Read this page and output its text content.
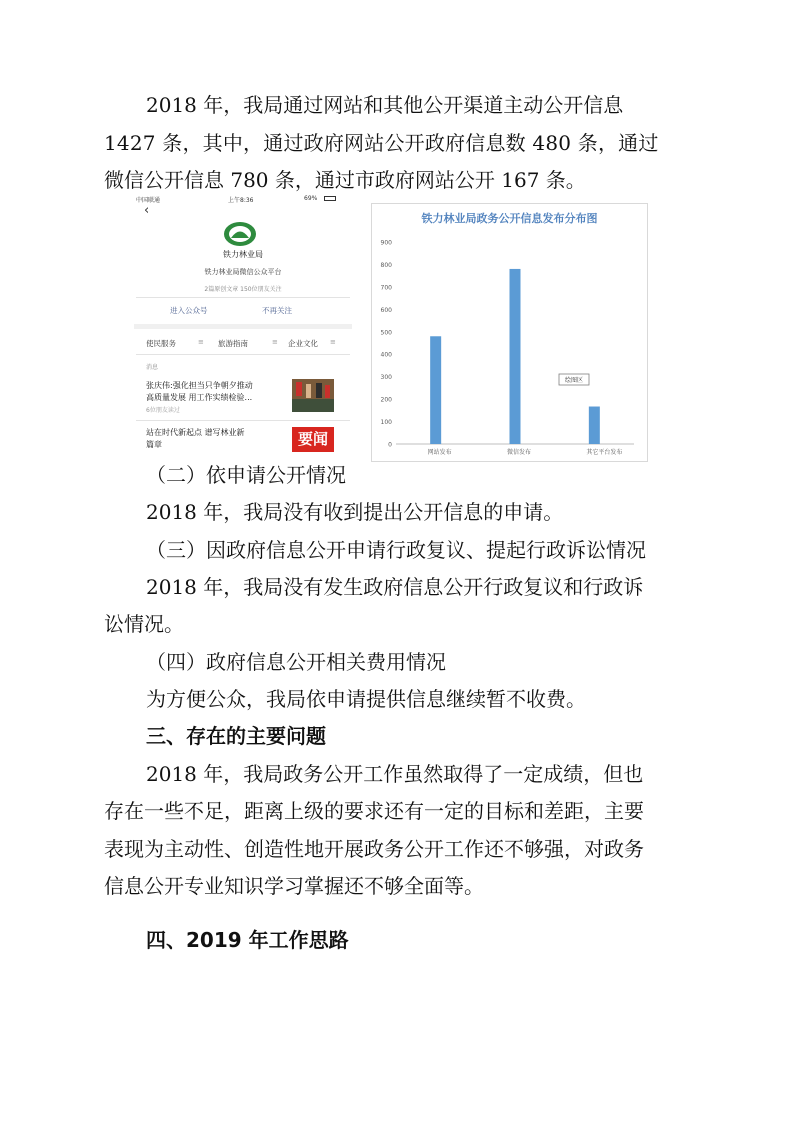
2018 年，我局通过网站和其他公开渠道主动公开信息
1427 条，其中，通过政府网站公开政府信息数 480 条，通过
微信公开信息 780 条，通过市政府网站公开 167 条。
中国联通	上午8:36	69%
‹
铁力林业局
铁力林业局微信公众平台
2篇原创文章 150位朋友关注
进入公众号	不再关注
使民服务	旅游指南	企业文化
≡	≡	≡
消息
张庆伟:强化担当只争朝夕推动
高质量发展 用工作实绩检验...
6位朋友读过
站在时代新起点 谱写林业新
篇章	要闻
铁力林业局政务公开信息发布分布图
0
100
200
300
400
500
600
700
800
900
网站发布	微信发布	其它平台发布
绘图区
（二）依申请公开情况
2018 年，我局没有收到提出公开信息的申请。
（三）因政府信息公开申请行政复议、提起行政诉讼情况
2018 年，我局没有发生政府信息公开行政复议和行政诉
讼情况。
（四）政府信息公开相关费用情况
为方便公众，我局依申请提供信息继续暂不收费。
三、存在的主要问题
2018 年，我局政务公开工作虽然取得了一定成绩，但也
存在一些不足，距离上级的要求还有一定的目标和差距，主要
表现为主动性、创造性地开展政务公开工作还不够强，对政务
信息公开专业知识学习掌握还不够全面等。
四、2019 年工作思路
